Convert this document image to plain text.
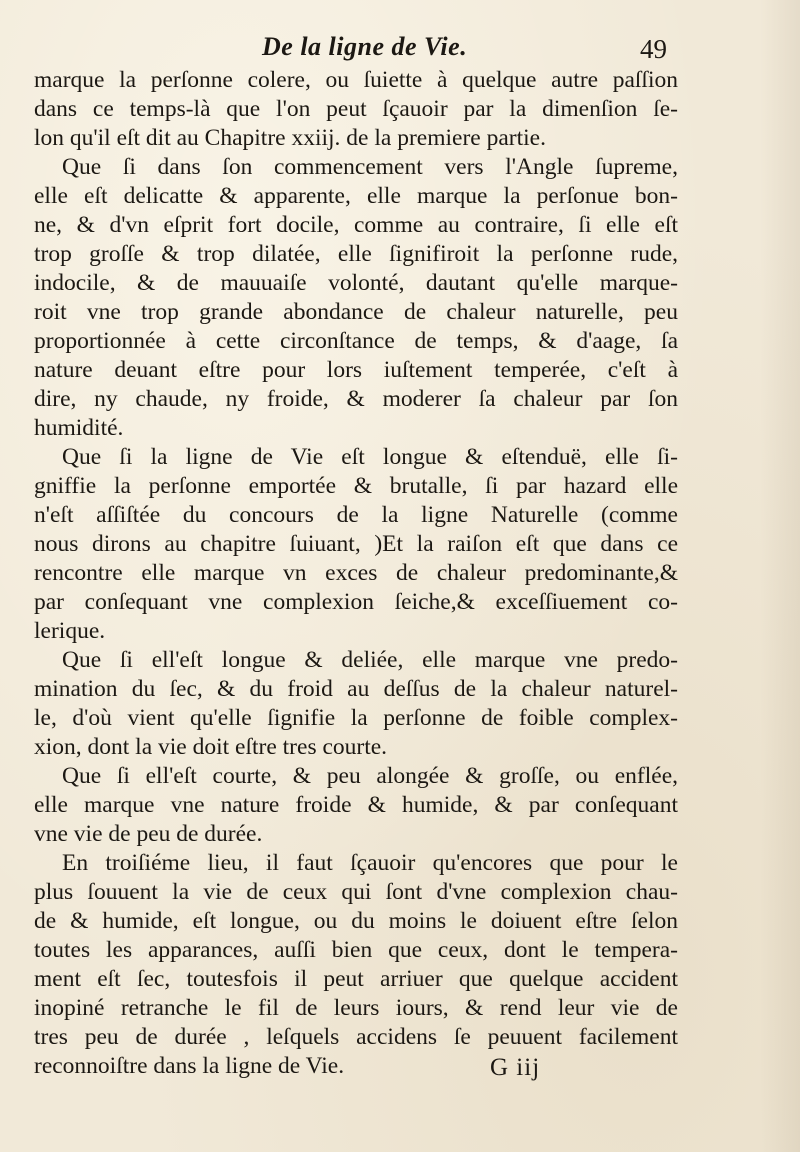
De la ligne de Vie.	49
marque la perſonne colere, ou ſuiette à quelque autre paſſion
dans ce temps-là que l'on peut ſçauoir par la dimenſion ſe-
lon qu'il eſt dit au Chapitre xxiij. de la premiere partie.
Que ſi dans ſon commencement vers l'Angle ſupreme,
elle eſt delicatte & apparente, elle marque la perſonue bon-
ne, & d'vn eſprit fort docile, comme au contraire, ſi elle eſt
trop groſſe & trop dilatée, elle ſignifiroit la perſonne rude,
indocile, & de mauuaiſe volonté, dautant qu'elle marque-
roit vne trop grande abondance de chaleur naturelle, peu
proportionnée à cette circonſtance de temps, & d'aage, ſa
nature deuant eſtre pour lors iuſtement temperée, c'eſt à
dire, ny chaude, ny froide, & moderer ſa chaleur par ſon
humidité.
Que ſi la ligne de Vie eſt longue & eſtenduë, elle ſi-
gniffie la perſonne emportée & brutalle, ſi par hazard elle
n'eſt aſſiſtée du concours de la ligne Naturelle (comme
nous dirons au chapitre ſuiuant, )Et la raiſon eſt que dans ce
rencontre elle marque vn exces de chaleur predominante,&
par conſequant vne complexion ſeiche,& exceſſiuement co-
lerique.
Que ſi ell'eſt longue & deliée, elle marque vne predo-
mination du ſec, & du froid au deſſus de la chaleur naturel-
le, d'où vient qu'elle ſignifie la perſonne de foible complex-
xion, dont la vie doit eſtre tres courte.
Que ſi ell'eſt courte, & peu alongée & groſſe, ou enflée,
elle marque vne nature froide & humide, & par conſequant
vne vie de peu de durée.
En troiſiéme lieu, il faut ſçauoir qu'encores que pour le
plus ſouuent la vie de ceux qui ſont d'vne complexion chau-
de & humide, eſt longue, ou du moins le doiuent eſtre ſelon
toutes les apparances, auſſi bien que ceux, dont le tempera-
ment eſt ſec, toutesfois il peut arriuer que quelque accident
inopiné retranche le fil de leurs iours, & rend leur vie de
tres peu de durée , leſquels accidens ſe peuuent facilement
reconnoiſtre dans la ligne de Vie.	G iij
